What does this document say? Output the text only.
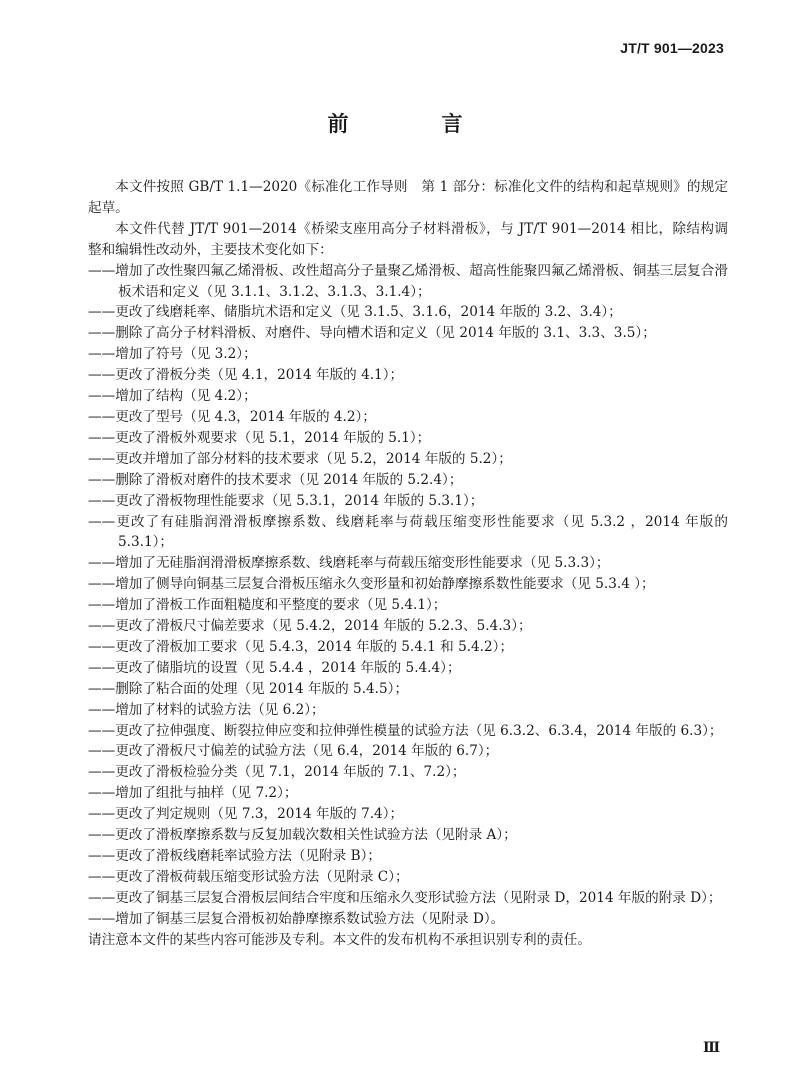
JT/T 901—2023
前　言

本文件按照 GB/T 1.1—2020《标准化工作导则　第 1 部分：标准化文件的结构和起草规则》的规定起草。

本文件代替 JT/T 901—2014《桥梁支座用高分子材料滑板》，与 JT/T 901—2014 相比，除结构调整和编辑性改动外，主要技术变化如下：

——增加了改性聚四氟乙烯滑板、改性超高分子量聚乙烯滑板、超高性能聚四氟乙烯滑板、铜基三层复合滑板术语和定义（见 3.1.1、3.1.2、3.1.3、3.1.4）；

——更改了线磨耗率、储脂坑术语和定义（见 3.1.5、3.1.6，2014 年版的 3.2、3.4）；

——删除了高分子材料滑板、对磨件、导向槽术语和定义（见 2014 年版的 3.1、3.3、3.5）；

——增加了符号（见 3.2）；

——更改了滑板分类（见 4.1，2014 年版的 4.1）；

——增加了结构（见 4.2）；

——更改了型号（见 4.3，2014 年版的 4.2）；

——更改了滑板外观要求（见 5.1，2014 年版的 5.1）；

——更改并增加了部分材料的技术要求（见 5.2，2014 年版的 5.2）；

——删除了滑板对磨件的技术要求（见 2014 年版的 5.2.4）；

——更改了滑板物理性能要求（见 5.3.1，2014 年版的 5.3.1）；

——更改了有硅脂润滑滑板摩擦系数、线磨耗率与荷载压缩变形性能要求（见 5.3.2 ，2014 年版的 5.3.1）；

——增加了无硅脂润滑滑板摩擦系数、线磨耗率与荷载压缩变形性能要求（见 5.3.3）；

——增加了侧导向铜基三层复合滑板压缩永久变形量和初始静摩擦系数性能要求（见 5.3.4 ）；

——增加了滑板工作面粗糙度和平整度的要求（见 5.4.1）；

——更改了滑板尺寸偏差要求（见 5.4.2，2014 年版的 5.2.3、5.4.3）；

——更改了滑板加工要求（见 5.4.3，2014 年版的 5.4.1 和 5.4.2）；

——更改了储脂坑的设置（见 5.4.4 ，2014 年版的 5.4.4）；

——删除了粘合面的处理（见 2014 年版的 5.4.5）；

——增加了材料的试验方法（见 6.2）；

——更改了拉伸强度、断裂拉伸应变和拉伸弹性模量的试验方法（见 6.3.2、6.3.4，2014 年版的 6.3）；

——更改了滑板尺寸偏差的试验方法（见 6.4，2014 年版的 6.7）；

——更改了滑板检验分类（见 7.1，2014 年版的 7.1、7.2）；

——增加了组批与抽样（见 7.2）；

——更改了判定规则（见 7.3，2014 年版的 7.4）；

——更改了滑板摩擦系数与反复加载次数相关性试验方法（见附录 A）；

——更改了滑板线磨耗率试验方法（见附录 B）；

——更改了滑板荷载压缩变形试验方法（见附录 C）；

——更改了铜基三层复合滑板层间结合牢度和压缩永久变形试验方法（见附录 D，2014 年版的附录 D）；

——增加了铜基三层复合滑板初始静摩擦系数试验方法（见附录 D）。

请注意本文件的某些内容可能涉及专利。本文件的发布机构不承担识别专利的责任。

Ⅲ
